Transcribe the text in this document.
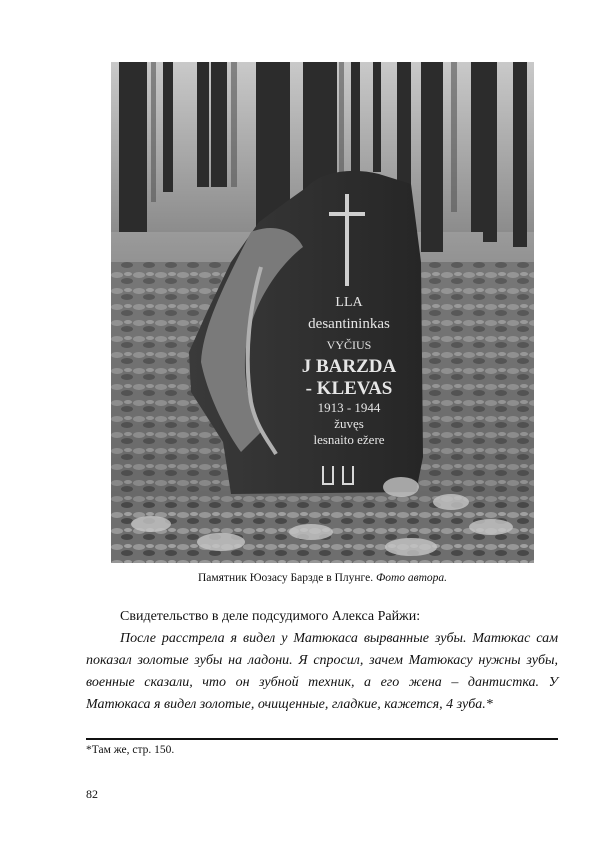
LLA
desantininkas
VYČIUS
J BARZDA
- KLEVAS
1913 - 1944
žuvęs
lesnaito ežere
Памятник Юозасу Барзде в Плунге. Фото автора.

Свидетельство в деле подсудимого Алекса Райжи:

После расстрела я видел у Матюкаса вырванные зубы. Матюкас сам показал золотые зубы на ладони. Я спросил, зачем Матюкасу нужны зубы, военные сказали, что он зубной техник, а его жена – дантистка. У Матюкаса я видел золотые, очищенные, гладкие, кажется, 4 зуба.*

*Там же, стр. 150.
82
